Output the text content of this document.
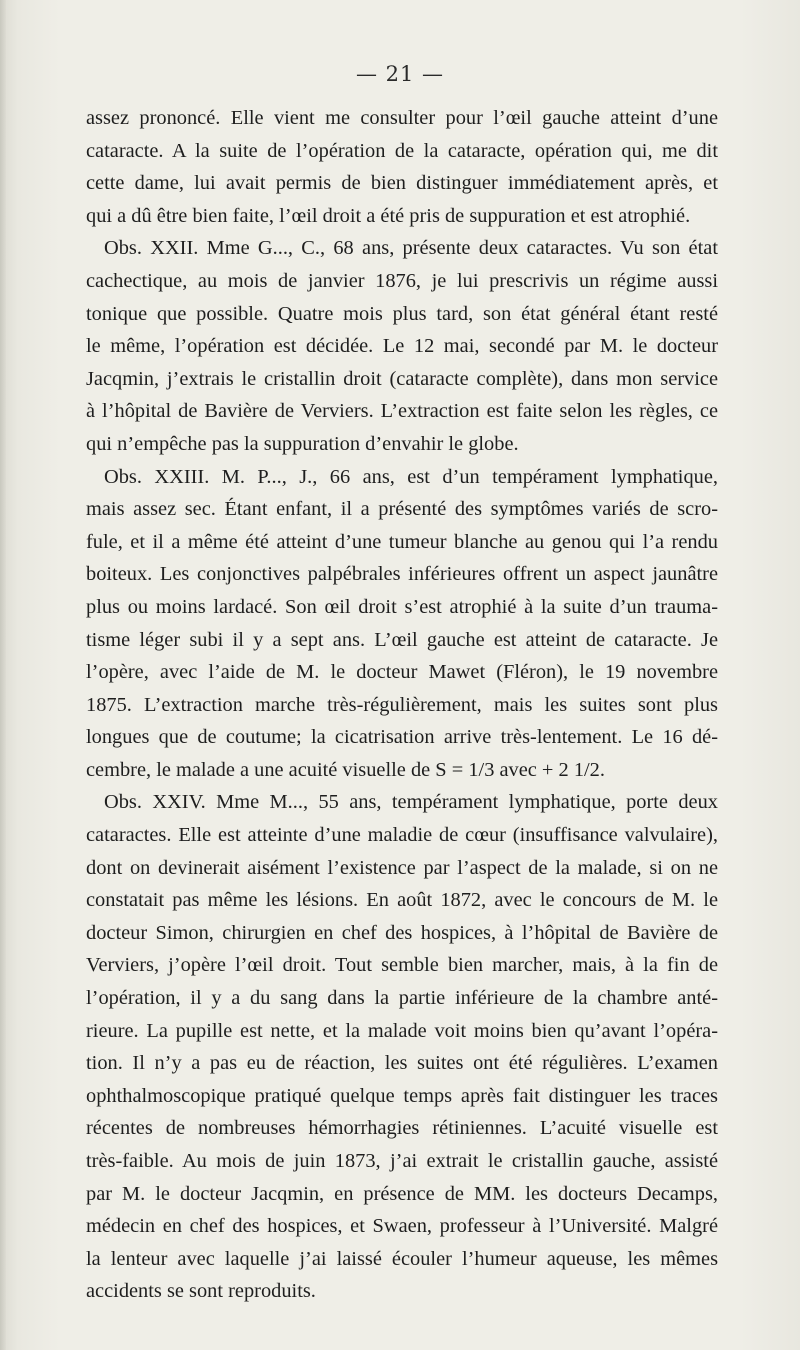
— 21 —
assez prononcé. Elle vient me consulter pour l’œil gauche atteint d’une
cataracte. A la suite de l’opération de la cataracte, opération qui, me dit
cette dame, lui avait permis de bien distinguer immédiatement après, et
qui a dû être bien faite, l’œil droit a été pris de suppuration et est atrophié.
Obs. XXII. Mme G..., C., 68 ans, présente deux cataractes. Vu son état
cachectique, au mois de janvier 1876, je lui prescrivis un régime aussi
tonique que possible. Quatre mois plus tard, son état général étant resté
le même, l’opération est décidée. Le 12 mai, secondé par M. le docteur
Jacqmin, j’extrais le cristallin droit (cataracte complète), dans mon service
à l’hôpital de Bavière de Verviers. L’extraction est faite selon les règles, ce
qui n’empêche pas la suppuration d’envahir le globe.
Obs. XXIII. M. P..., J., 66 ans, est d’un tempérament lymphatique,
mais assez sec. Étant enfant, il a présenté des symptômes variés de scro-
fule, et il a même été atteint d’une tumeur blanche au genou qui l’a rendu
boiteux. Les conjonctives palpébrales inférieures offrent un aspect jaunâtre
plus ou moins lardacé. Son œil droit s’est atrophié à la suite d’un trauma-
tisme léger subi il y a sept ans. L’œil gauche est atteint de cataracte. Je
l’opère, avec l’aide de M. le docteur Mawet (Fléron), le 19 novembre
1875. L’extraction marche très-régulièrement, mais les suites sont plus
longues que de coutume; la cicatrisation arrive très-lentement. Le 16 dé-
cembre, le malade a une acuité visuelle de S = 1/3 avec + 2 1/2.
Obs. XXIV. Mme M..., 55 ans, tempérament lymphatique, porte deux
cataractes. Elle est atteinte d’une maladie de cœur (insuffisance valvulaire),
dont on devinerait aisément l’existence par l’aspect de la malade, si on ne
constatait pas même les lésions. En août 1872, avec le concours de M. le
docteur Simon, chirurgien en chef des hospices, à l’hôpital de Bavière de
Verviers, j’opère l’œil droit. Tout semble bien marcher, mais, à la fin de
l’opération, il y a du sang dans la partie inférieure de la chambre anté-
rieure. La pupille est nette, et la malade voit moins bien qu’avant l’opéra-
tion. Il n’y a pas eu de réaction, les suites ont été régulières. L’examen
ophthalmoscopique pratiqué quelque temps après fait distinguer les traces
récentes de nombreuses hémorrhagies rétiniennes. L’acuité visuelle est
très-faible. Au mois de juin 1873, j’ai extrait le cristallin gauche, assisté
par M. le docteur Jacqmin, en présence de MM. les docteurs Decamps,
médecin en chef des hospices, et Swaen, professeur à l’Université. Malgré
la lenteur avec laquelle j’ai laissé écouler l’humeur aqueuse, les mêmes
accidents se sont reproduits.
